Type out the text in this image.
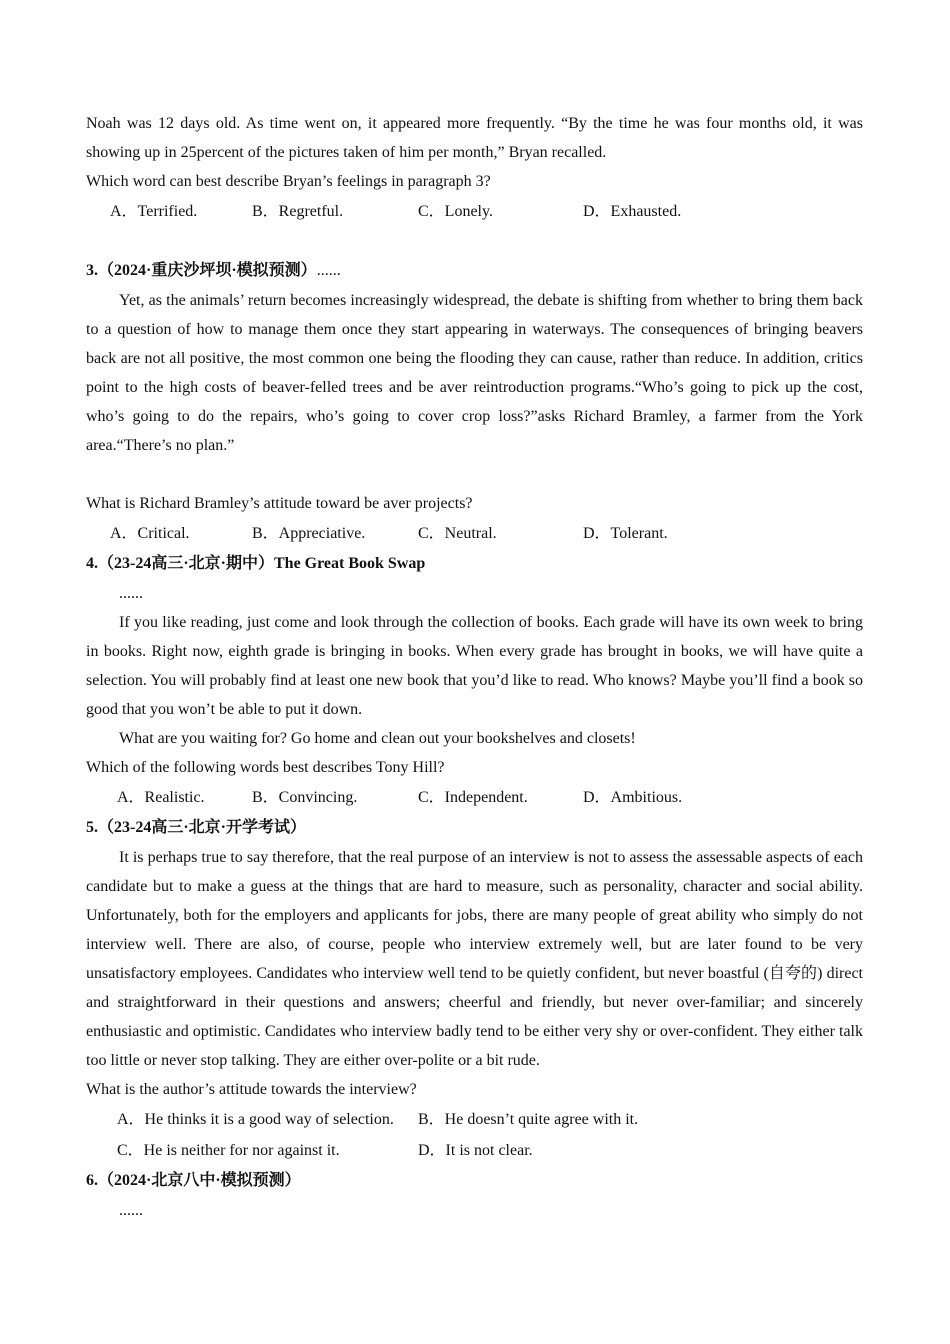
Noah was 12 days old. As time went on, it appeared more frequently. “By the time he was four months old, it was showing up in 25percent of the pictures taken of him per month,” Bryan recalled.
Which word can best describe Bryan’s feelings in paragraph 3?
A．Terrified.	B．Regretful.	C．Lonely.	D．Exhausted.
3.（2024·重庆沙坪坝·模拟预测）......
Yet, as the animals’ return becomes increasingly widespread, the debate is shifting from whether to bring them back to a question of how to manage them once they start appearing in waterways. The consequences of bringing beavers back are not all positive, the most common one being the flooding they can cause, rather than reduce. In addition, critics point to the high costs of beaver-felled trees and be aver reintroduction programs.“Who’s going to pick up the cost, who’s going to do the repairs, who’s going to cover crop loss?”asks Richard Bramley, a farmer from the York area.“There’s no plan.”
What is Richard Bramley’s attitude toward be aver projects?
A．Critical.	B．Appreciative.	C．Neutral.	D．Tolerant.
4.（23-24高三·北京·期中）The Great Book Swap
......
If you like reading, just come and look through the collection of books. Each grade will have its own week to bring in books. Right now, eighth grade is bringing in books. When every grade has brought in books, we will have quite a selection. You will probably find at least one new book that you’d like to read. Who knows? Maybe you’ll find a book so good that you won’t be able to put it down.
What are you waiting for? Go home and clean out your bookshelves and closets!
Which of the following words best describes Tony Hill?
A．Realistic.	B．Convincing.	C．Independent.	D．Ambitious.
5.（23-24高三·北京·开学考试）
It is perhaps true to say therefore, that the real purpose of an interview is not to assess the assessable aspects of each candidate but to make a guess at the things that are hard to measure, such as personality, character and social ability. Unfortunately, both for the employers and applicants for jobs, there are many people of great ability who simply do not interview well. There are also, of course, people who interview extremely well, but are later found to be very unsatisfactory employees. Candidates who interview well tend to be quietly confident, but never boastful (自夸的) direct and straightforward in their questions and answers; cheerful and friendly, but never over-familiar; and sincerely enthusiastic and optimistic. Candidates who interview badly tend to be either very shy or over-confident. They either talk too little or never stop talking. They are either over-polite or a bit rude.
What is the author’s attitude towards the interview?
A．He thinks it is a good way of selection. B．He doesn’t quite agree with it.
C．He is neither for nor against it.	D．It is not clear.
6.（2024·北京八中·模拟预测）
......
